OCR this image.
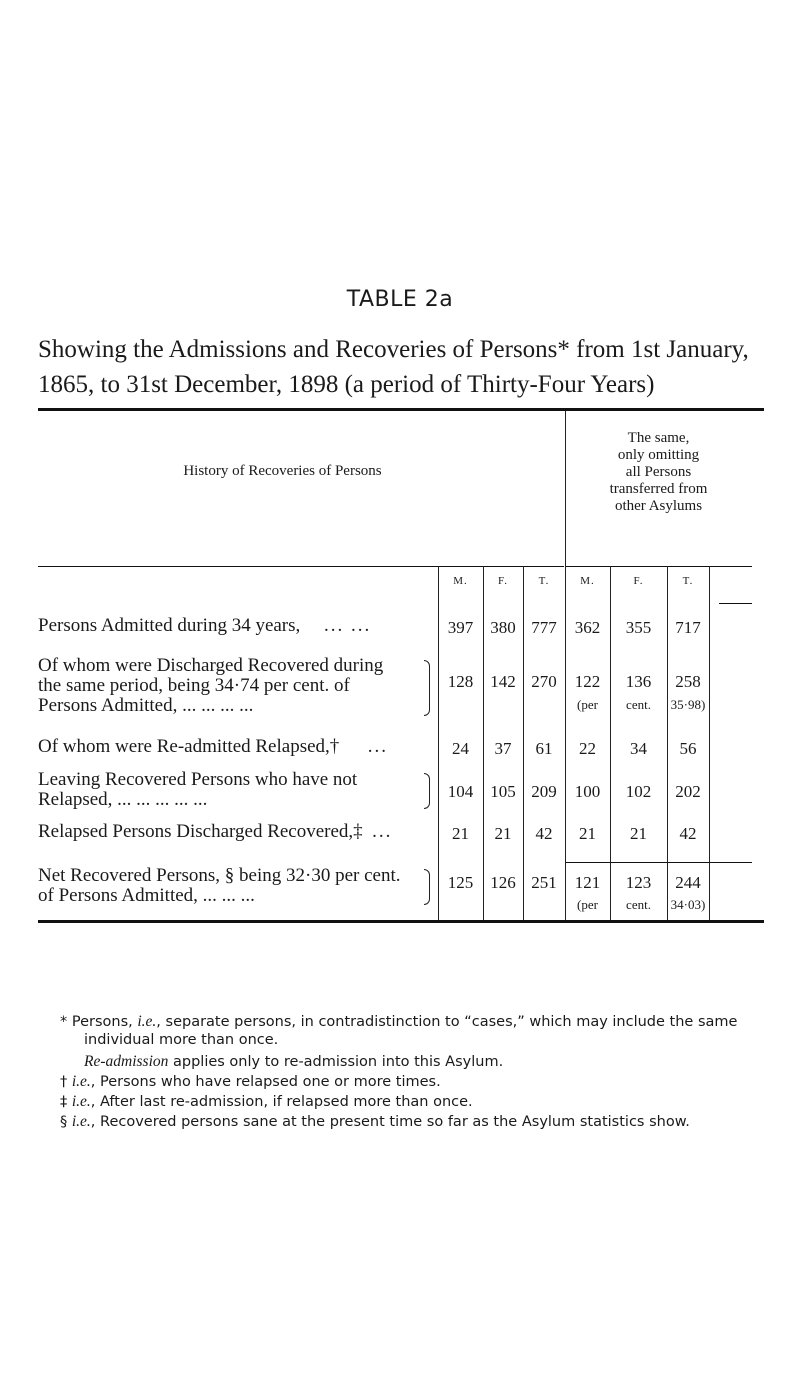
TABLE 2a
Showing the Admissions and Recoveries of Persons* from 1st January, 1865, to 31st December, 1898 (a period of Thirty-Four Years)
History of Recoveries of Persons
The same,
only omitting
all Persons
transferred from
other Asylums
M.	F.	T.	M.	F.	T.
Persons Admitted during 34 years, ... ...	397	380 777	362	355	717
Of whom were Discharged Recovered during
the same period, being 34·74 per cent. of
Persons Admitted, ... ... ... ...
128	142 270	122	136	258
(per	cent.	35·98)
Of whom were Re-admitted Relapsed,† ...	24	37	61	22	34	56
Leaving Recovered Persons who have not
Relapsed, ... ... ... ... ...	104	105 209	100	102	202
Relapsed Persons Discharged Recovered,‡ ...	21	21	42	21	21	42
* Persons, i.e., separate persons, in contradistinction to “cases,” which may include the same individual more than once.
Re-admission applies only to re-admission into this Asylum.
† i.e., Persons who have relapsed one or more times.
‡ i.e., After last re-admission, if relapsed more than once.
§ i.e., Recovered persons sane at the present time so far as the Asylum statistics show.
Net Recovered Persons, § being 32·30 per cent.
of Persons Admitted, ... ... ...
125	126 251	121	123	244
(per	cent.	34·03)
